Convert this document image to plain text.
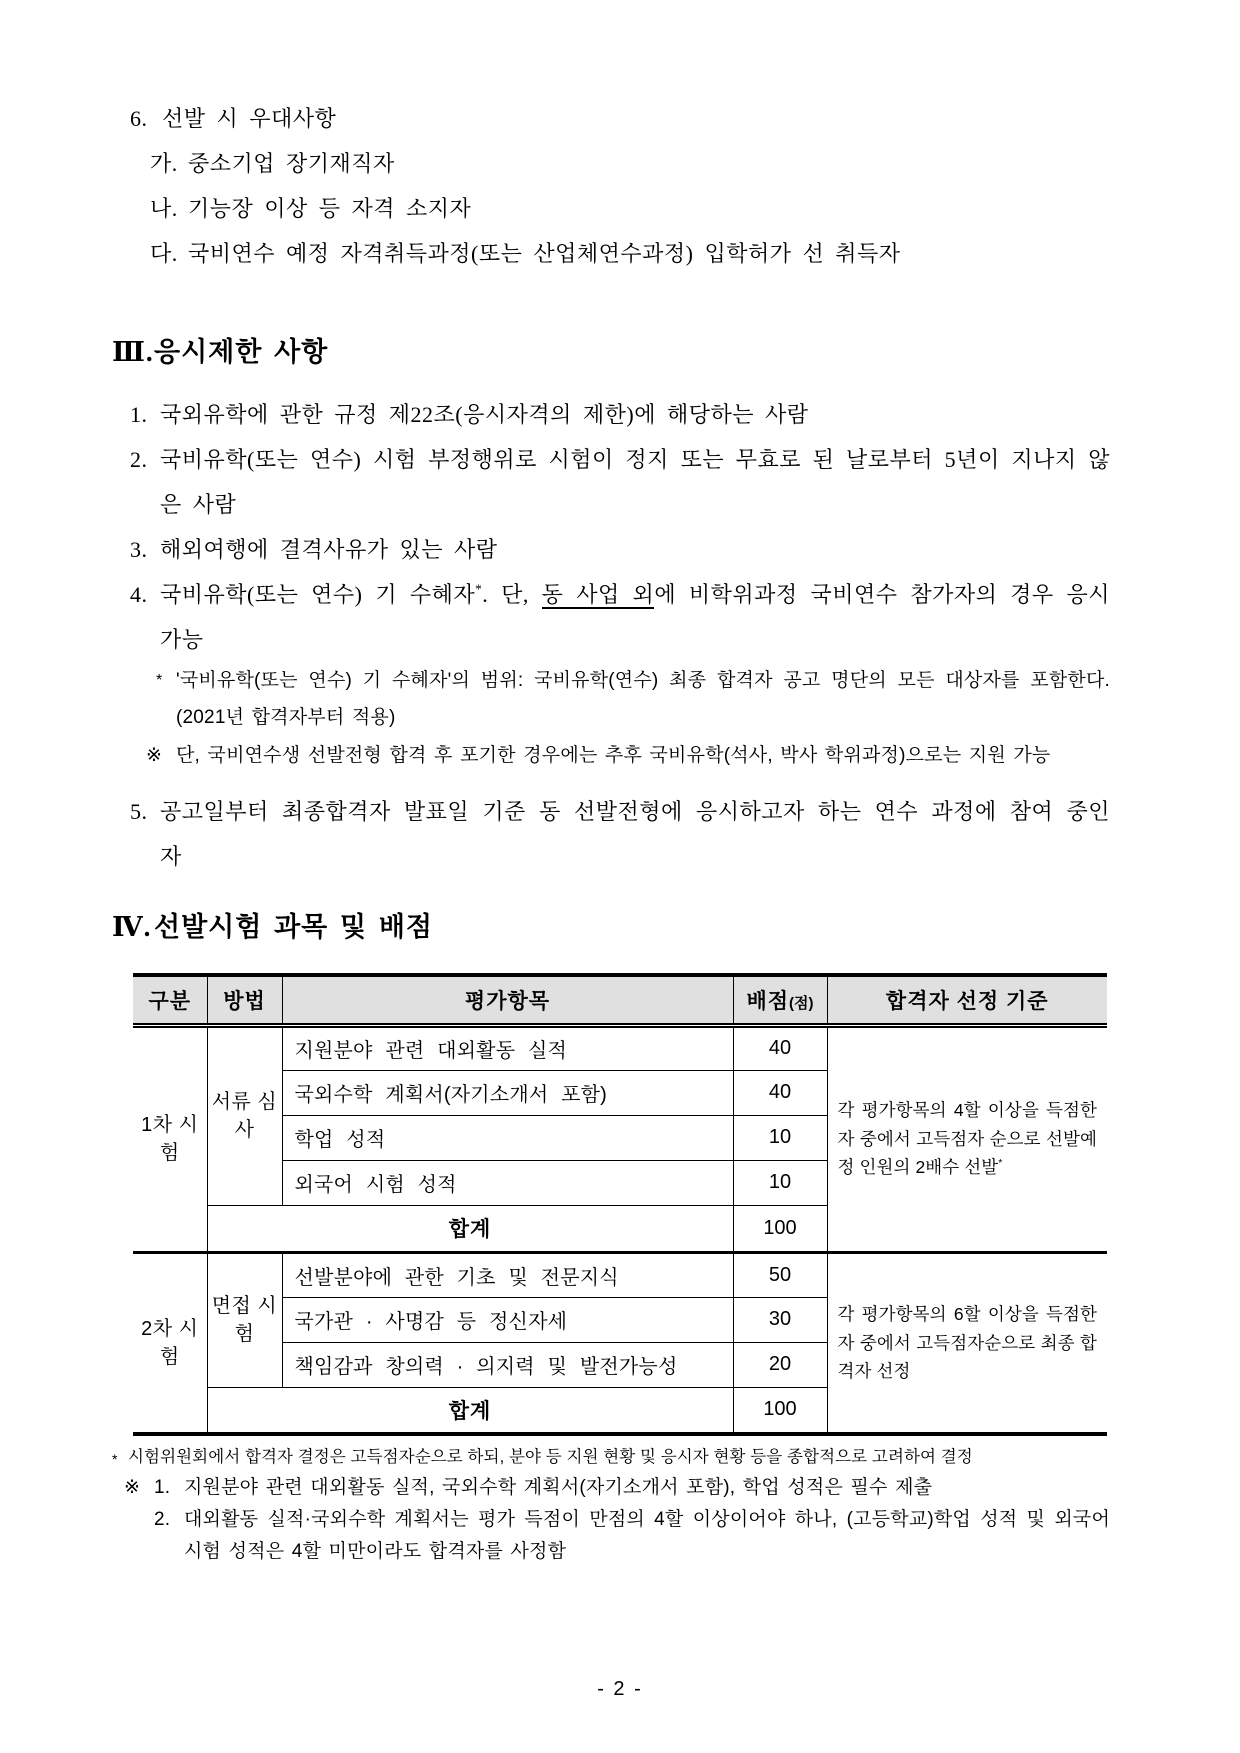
6. 선발 시 우대사항
가. 중소기업 장기재직자
나. 기능장 이상 등 자격 소지자
다. 국비연수 예정 자격취득과정(또는 산업체연수과정) 입학허가 선 취득자
Ⅲ. 응시제한 사항
1. 국외유학에 관한 규정 제22조(응시자격의 제한)에 해당하는 사람
2. 국비유학(또는 연수) 시험 부정행위로 시험이 정지 또는 무효로 된 날로부터 5년이 지나지 않은 사람
3. 해외여행에 결격사유가 있는 사람
4. 국비유학(또는 연수) 기 수혜자*. 단, 동 사업 외에 비학위과정 국비연수 참가자의 경우 응시 가능
* '국비유학(또는 연수) 기 수혜자'의 범위: 국비유학(연수) 최종 합격자 공고 명단의 모든 대상자를 포함한다.(2021년 합격자부터 적용)
※ 단, 국비연수생 선발전형 합격 후 포기한 경우에는 추후 국비유학(석사, 박사 학위과정)으로는 지원 가능
5. 공고일부터 최종합격자 발표일 기준 동 선발전형에 응시하고자 하는 연수 과정에 참여 중인 자
Ⅳ. 선발시험 과목 및 배점
구분	방법	평가항목	배점(점)	합격자 선정 기준
1차 시험	서류 심사	지원분야 관련 대외활동 실적	40	각 평가항목의 4할 이상을 득점한 자 중에서 고득점자 순으로 선발예정 인원의 2배수 선발*
		국외수학 계획서(자기소개서 포함)	40	
		학업 성적	10	
		외국어 시험 성적	10	
	합계		100	
2차 시험	면접 시험	선발분야에 관한 기초 및 전문지식	50	각 평가항목의 6할 이상을 득점한 자 중에서 고득점자순으로 최종 합격자 선정
		국가관 · 사명감 등 정신자세	30	
		책임감과 창의력 · 의지력 및 발전가능성	20	
	합계		100	
* 시험위원회에서 합격자 결정은 고득점자순으로 하되, 분야 등 지원 현황 및 응시자 현황 등을 종합적으로 고려하여 결정
※ 1. 지원분야 관련 대외활동 실적, 국외수학 계획서(자기소개서 포함), 학업 성적은 필수 제출
2. 대외활동 실적·국외수학 계획서는 평가 득점이 만점의 4할 이상이어야 하나, (고등학교)학업 성적 및 외국어 시험 성적은 4할 미만이라도 합격자를 사정함
- 2 -
